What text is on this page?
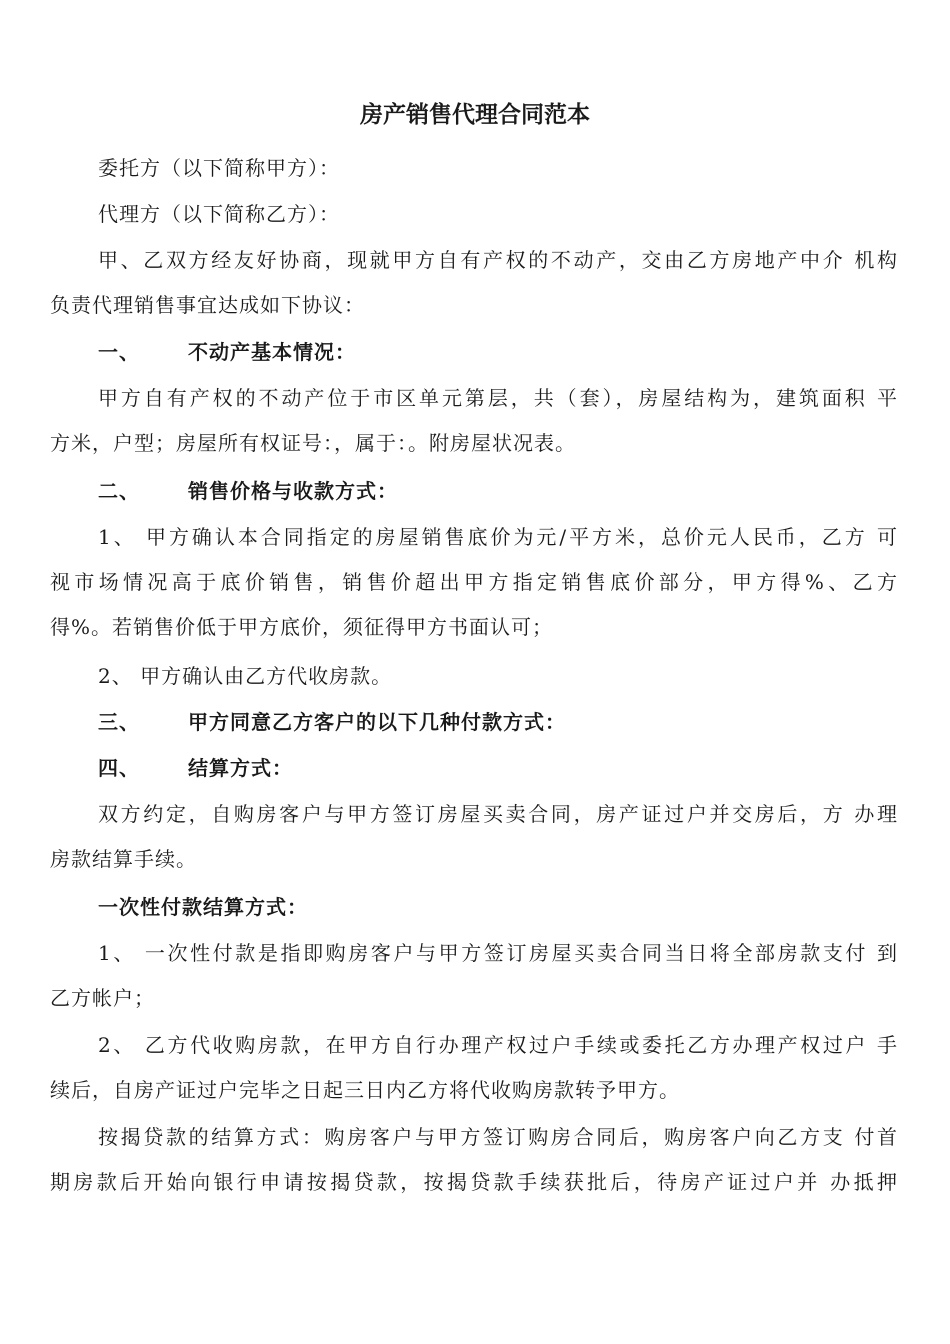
房产销售代理合同范本

委托方（以下简称甲方）：

代理方（以下简称乙方）：

甲、乙双方经友好协商，现就甲方自有产权的不动产，交由乙方房地产中介 机构
负责代理销售事宜达成如下协议：

一、 不动产基本情况：

甲方自有产权的不动产位于市区单元第层，共（套），房屋结构为，建筑面积 平
方米，户型；房屋所有权证号：，属于：。附房屋状况表。

二、 销售价格与收款方式：

1、 甲方确认本合同指定的房屋销售底价为元/平方米，总价元人民币，乙方 可
视市场情况高于底价销售，销售价超出甲方指定销售底价部分，甲方得%、乙方
得%。若销售价低于甲方底价，须征得甲方书面认可；

2、 甲方确认由乙方代收房款。

三、 甲方同意乙方客户的以下几种付款方式：

四、 结算方式：

双方约定，自购房客户与甲方签订房屋买卖合同，房产证过户并交房后，方 办理
房款结算手续。

一次性付款结算方式：

1、 一次性付款是指即购房客户与甲方签订房屋买卖合同当日将全部房款支付 到
乙方帐户；

2、 乙方代收购房款，在甲方自行办理产权过户手续或委托乙方办理产权过户 手
续后，自房产证过户完毕之日起三日内乙方将代收购房款转予甲方。

按揭贷款的结算方式：购房客户与甲方签订购房合同后，购房客户向乙方支 付首
期房款后开始向银行申请按揭贷款，按揭贷款手续获批后，待房产证过户并 办抵押
